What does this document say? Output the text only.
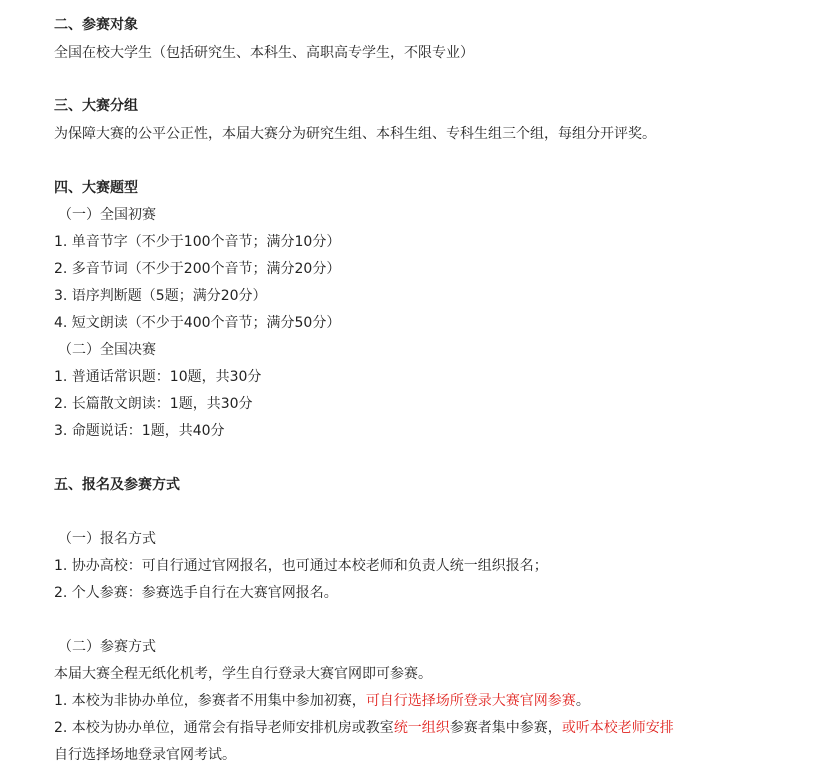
二、参赛对象
全国在校大学生（包括研究生、本科生、高职高专学生，不限专业）
三、大赛分组
为保障大赛的公平公正性，本届大赛分为研究生组、本科生组、专科生组三个组，每组分开评奖。
四、大赛题型
（一）全国初赛
1. 单音节字（不少于100个音节；满分10分）
2. 多音节词（不少于200个音节；满分20分）
3. 语序判断题（5题；满分20分）
4. 短文朗读（不少于400个音节；满分50分）
（二）全国决赛
1. 普通话常识题：10题，共30分
2. 长篇散文朗读：1题，共30分
3. 命题说话：1题，共40分
五、报名及参赛方式
（一）报名方式
1. 协办高校：可自行通过官网报名，也可通过本校老师和负责人统一组织报名；
2. 个人参赛：参赛选手自行在大赛官网报名。
（二）参赛方式
本届大赛全程无纸化机考，学生自行登录大赛官网即可参赛。
1. 本校为非协办单位，参赛者不用集中参加初赛，可自行选择场所登录大赛官网参赛。
2. 本校为协办单位，通常会有指导老师安排机房或教室统一组织参赛者集中参赛，或听本校老师安排
自行选择场地登录官网考试。
